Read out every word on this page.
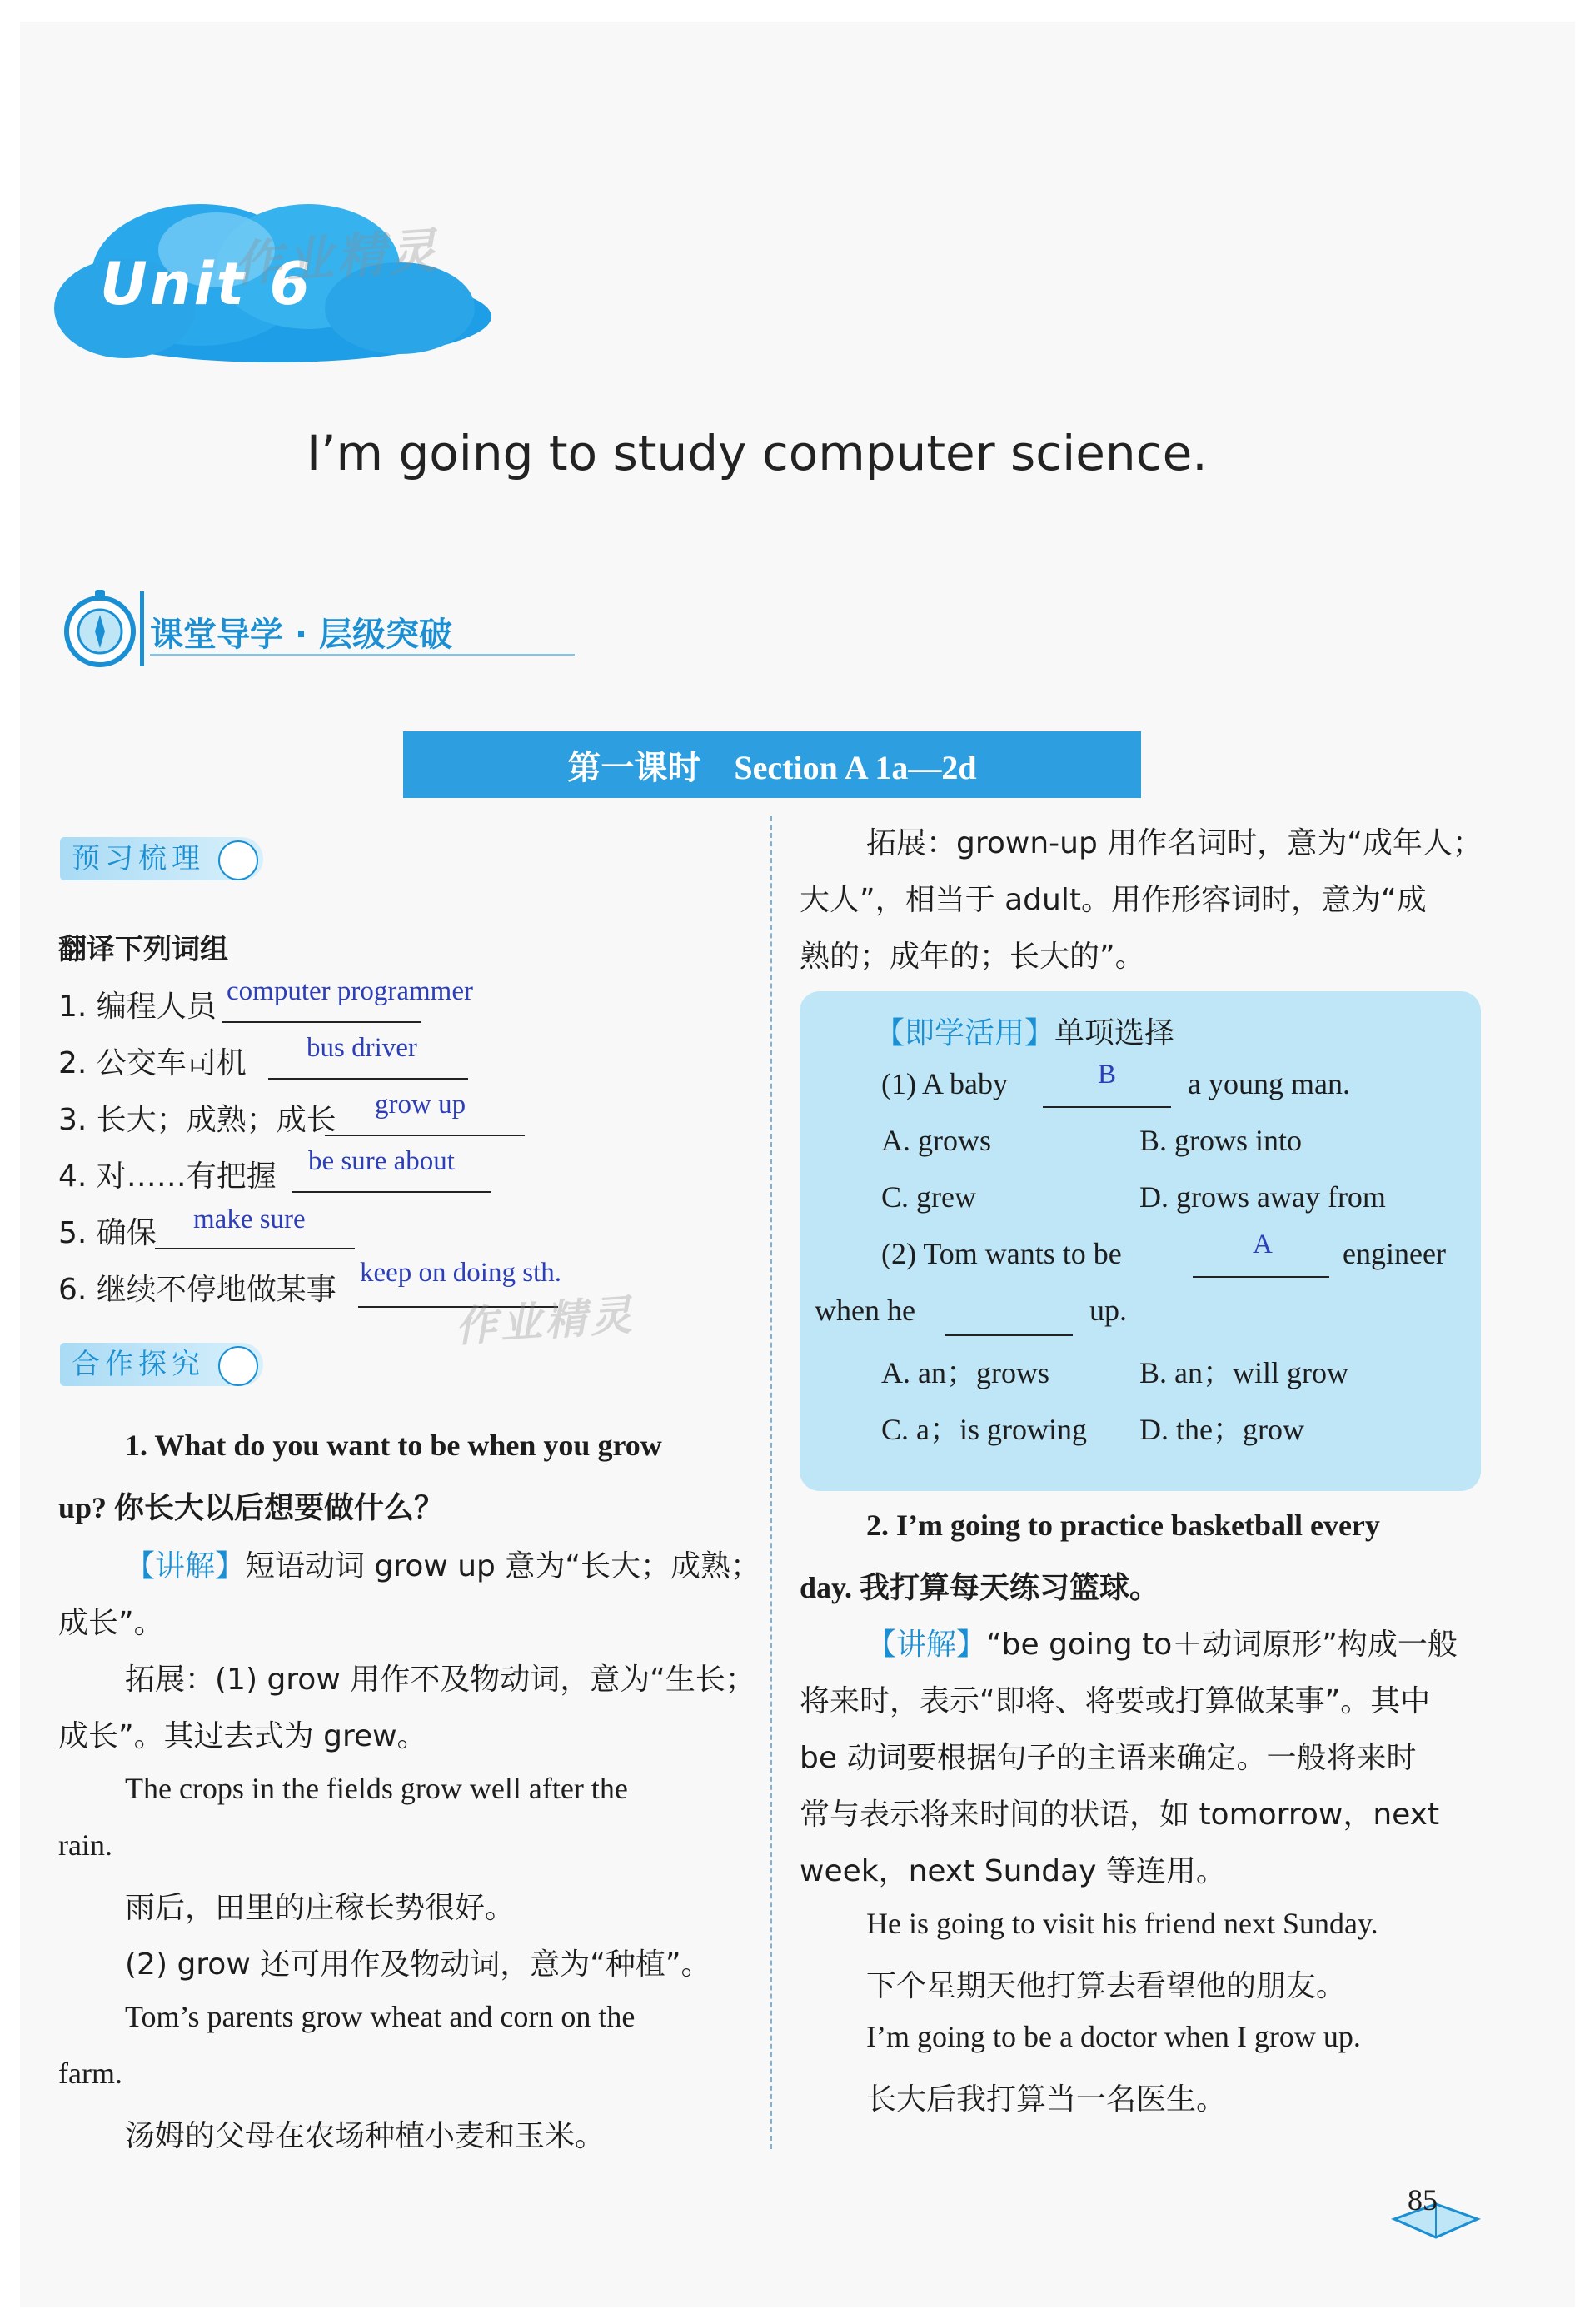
Unit 6
作业精灵
I’m going to study computer science.
课堂导学 · 层级突破
第一课时　Section A 1a—2d
预习梳理
翻译下列词组
1. 编程人员 computer programmer
2. 公交车司机 bus driver
3. 长大；成熟；成长 grow up
4. 对……有把握 be sure about
5. 确保 make sure
6. 继续不停地做某事 keep on doing sth.
作业精灵
合作探究
1. What do you want to be when you grow
up? 你长大以后想要做什么？
【讲解】短语动词 grow up 意为“长大；成熟；
成长”。
拓展：(1) grow 用作不及物动词，意为“生长；
成长”。其过去式为 grew。
The crops in the fields grow well after the
rain.
雨后，田里的庄稼长势很好。
(2) grow 还可用作及物动词，意为“种植”。
Tom’s parents grow wheat and corn on the
farm.
汤姆的父母在农场种植小麦和玉米。
拓展：grown-up 用作名词时，意为“成年人；
大人”，相当于 adult。用作形容词时，意为“成
熟的；成年的；长大的”。
【即学活用】单项选择
(1) A baby	B a young man.
A. grows	B. grows into
C. grew	D. grows away from
(2) Tom wants to be	A engineer
when he	up.
A. an；grows	B. an；will grow
C. a；is growing D. the；grow
2. I’m going to practice basketball every
day. 我打算每天练习篮球。
【讲解】“be going to＋动词原形”构成一般
将来时，表示“即将、将要或打算做某事”。其中
be 动词要根据句子的主语来确定。一般将来时
常与表示将来时间的状语，如 tomorrow，next
week，next Sunday 等连用。
He is going to visit his friend next Sunday.
下个星期天他打算去看望他的朋友。
I’m going to be a doctor when I grow up.
长大后我打算当一名医生。
85
